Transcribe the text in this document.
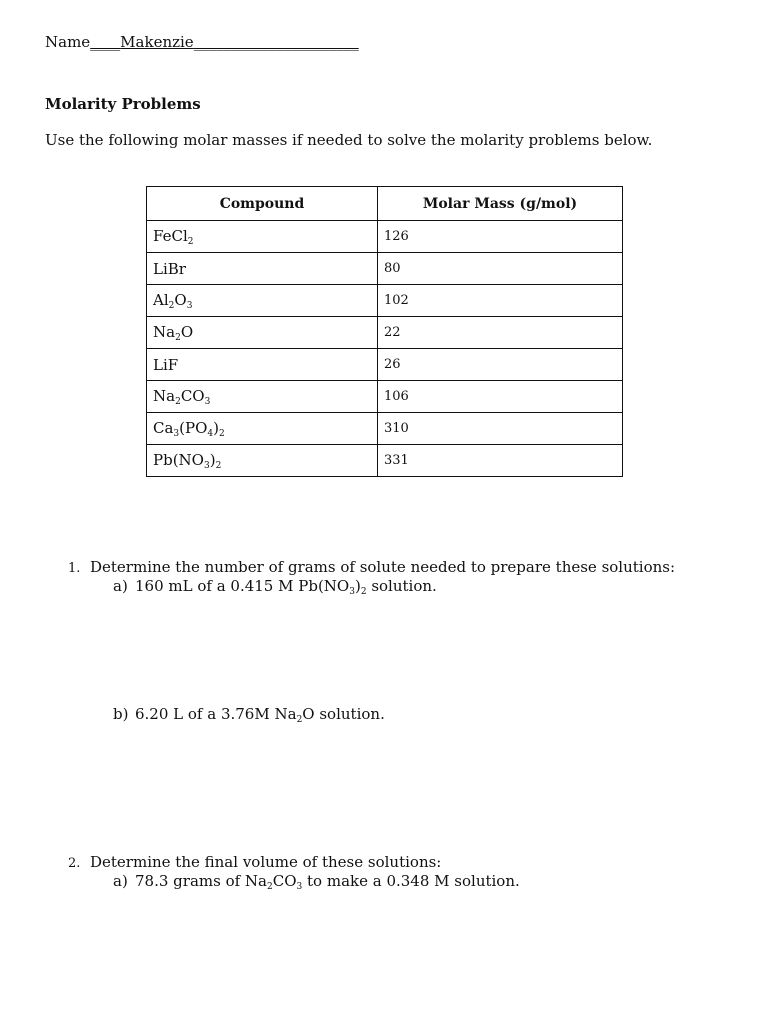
Name____Makenzie______________________
Molarity Problems
Use the following molar masses if needed to solve the molarity problems below.
Compound	Molar Mass (g/mol)
FeCl$_2$	126
LiBr	80
$Al_2O_3$	102
$Na_2O$	22
LiF	26
$Na_2CO_3$	106
$Ca_3(PO_4)_2$	310
$Pb(NO_3)_2$	331
1. Determine the number of grams of solute needed to prepare these solutions:
a) 160 mL of a 0.415 M $Pb(NO_3)_2$ solution.
b) 6.20 L of a 3.76M $Na_2O$ solution.
2. Determine the final volume of these solutions:
a) 78.3 grams of $Na_2CO_3$ to make a 0.348 M solution.
